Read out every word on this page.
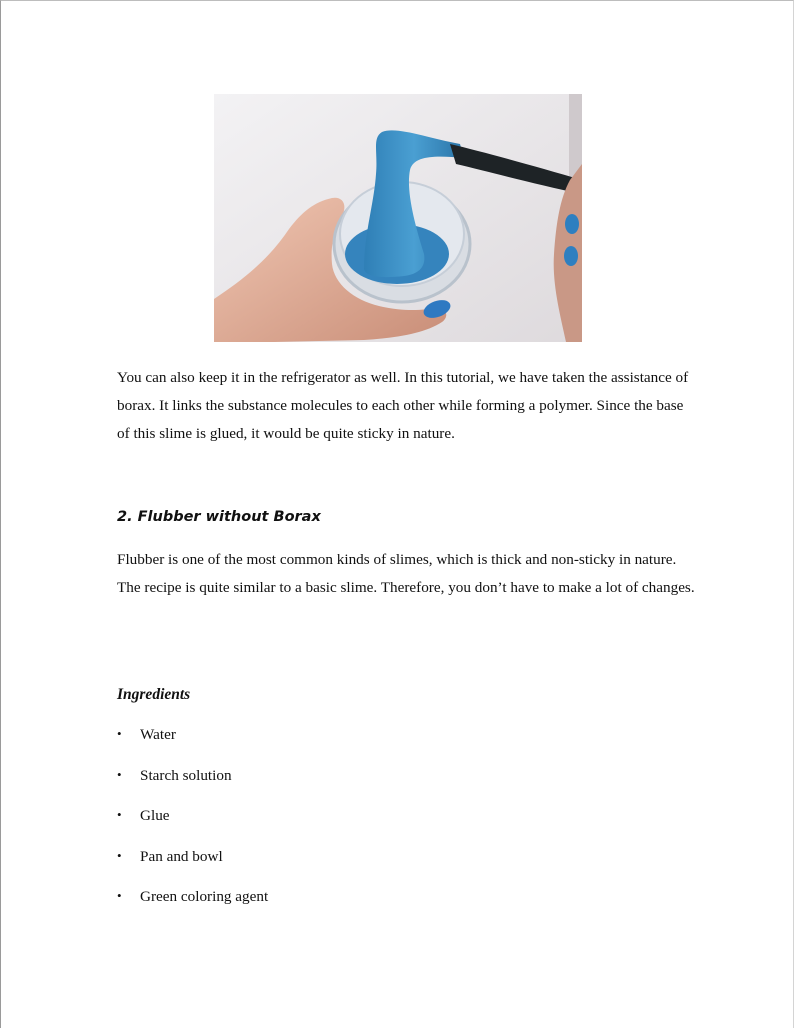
You can also keep it in the refrigerator as well. In this tutorial, we have taken the assistance of borax. It links the substance molecules to each other while forming a polymer. Since the base of this slime is glued, it would be quite sticky in nature.

2. Flubber without Borax

Flubber is one of the most common kinds of slimes, which is thick and non-sticky in nature. The recipe is quite similar to a basic slime. Therefore, you don’t have to make a lot of changes.

Ingredients
• Water
• Starch solution
• Glue
• Pan and bowl
• Green coloring agent
